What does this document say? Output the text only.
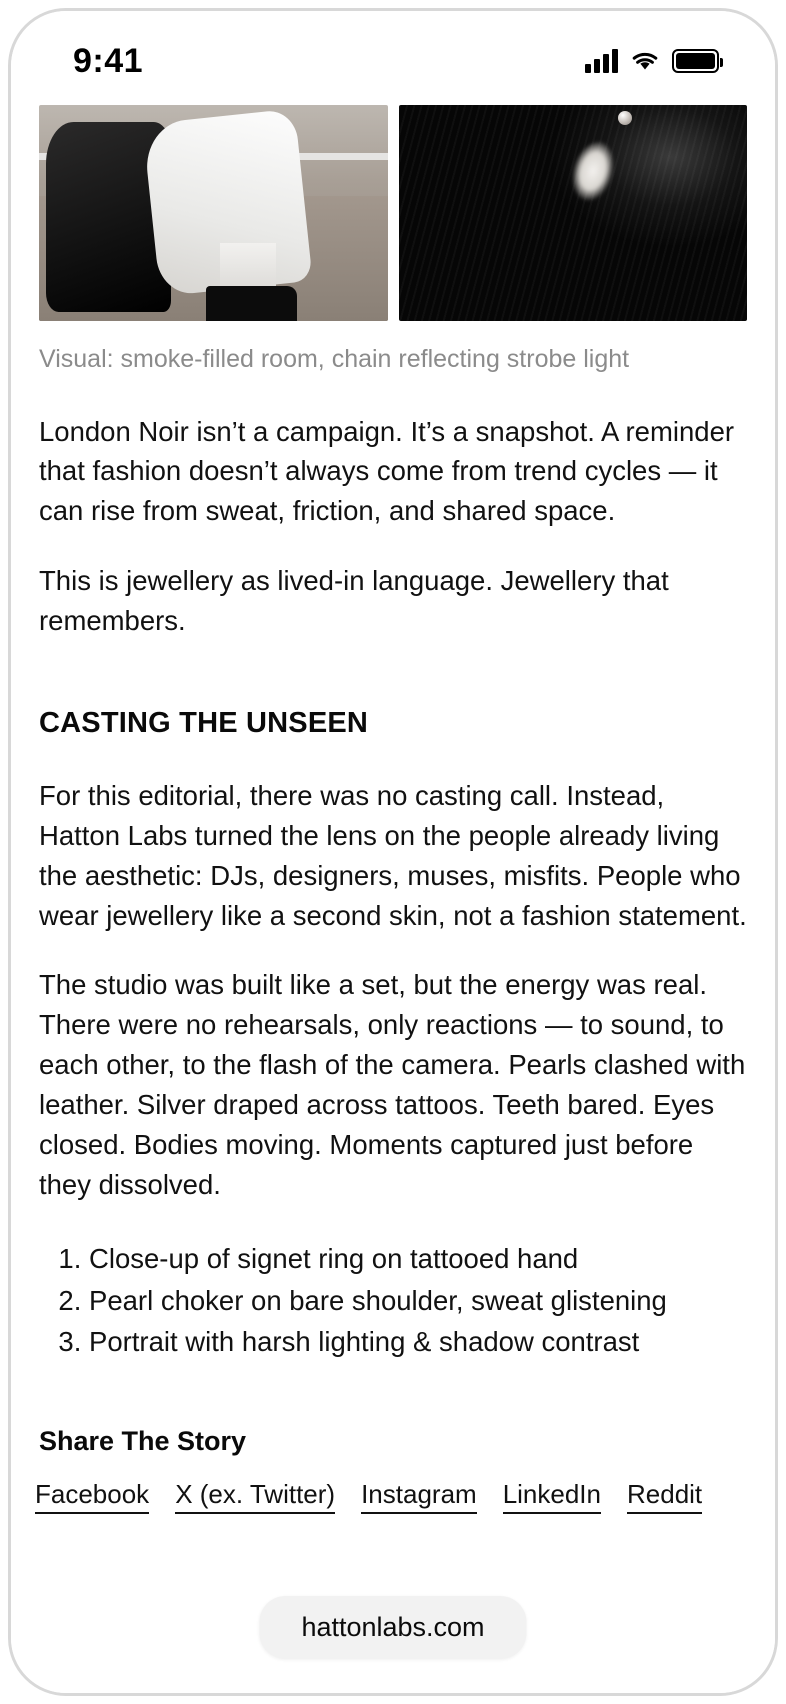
9:41
Visual: smoke-filled room, chain reflecting strobe light

London Noir isn’t a campaign. It’s a snapshot. A reminder that fashion doesn’t always come from trend cycles — it can rise from sweat, friction, and shared space.

This is jewellery as lived-in language. Jewellery that remembers.

CASTING THE UNSEEN

For this editorial, there was no casting call. Instead, Hatton Labs turned the lens on the people already living the aesthetic: DJs, designers, muses, misfits. People who wear jewellery like a second skin, not a fashion statement.

The studio was built like a set, but the energy was real. There were no rehearsals, only reactions — to sound, to each other, to the flash of the camera. Pearls clashed with leather. Silver draped across tattoos. Teeth bared. Eyes closed. Bodies moving. Moments captured just before they dissolved.

1. Close-up of signet ring on tattooed hand
2. Pearl choker on bare shoulder, sweat glistening
3. Portrait with harsh lighting & shadow contrast
Share The Story
Facebook X (ex. Twitter) Instagram LinkedIn Reddit
hattonlabs.com
